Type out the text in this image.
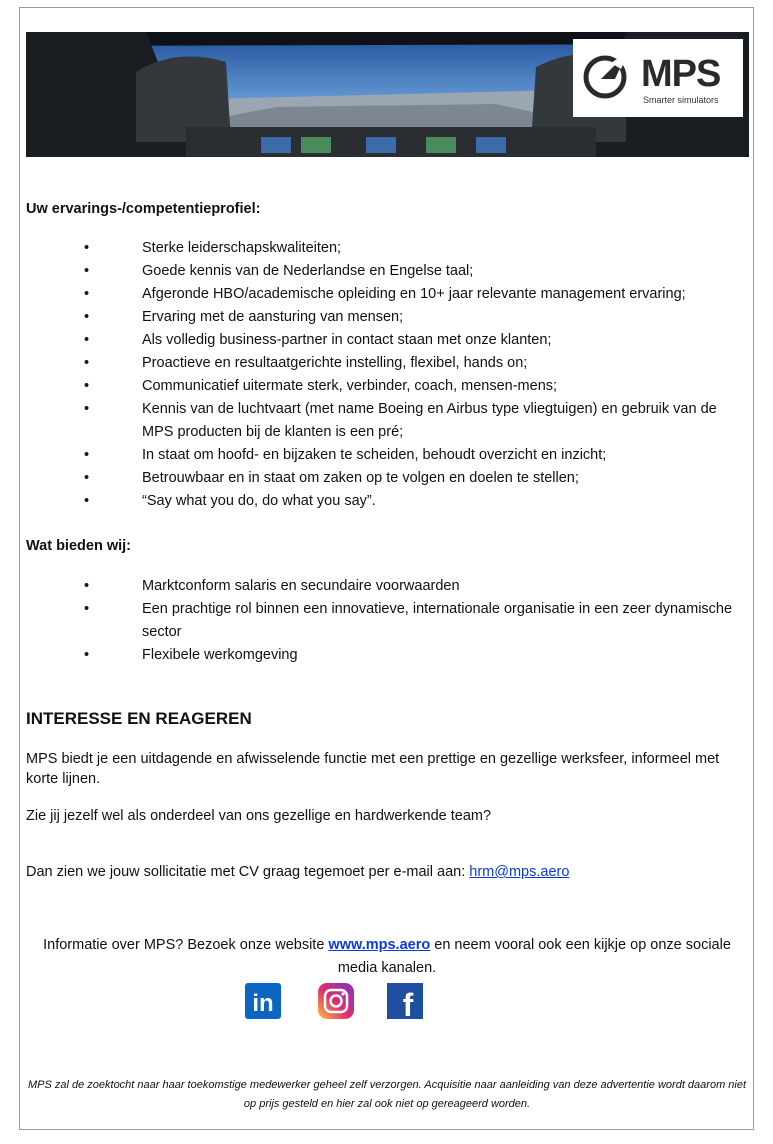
MPS
Smarter simulators
Uw ervarings-/competentieprofiel:
•	Sterke leiderschapskwaliteiten;
•	Goede kennis van de Nederlandse en Engelse taal;
•	Afgeronde HBO/academische opleiding en 10+ jaar relevante management ervaring;
•	Ervaring met de aansturing van mensen;
•	Als volledig business-partner in contact staan met onze klanten;
•	Proactieve en resultaatgerichte instelling, flexibel, hands on;
•	Communicatief uitermate sterk, verbinder, coach, mensen-mens;
•	Kennis van de luchtvaart (met name Boeing en Airbus type vliegtuigen) en gebruik van de MPS producten bij de klanten is een pré;
•	In staat om hoofd- en bijzaken te scheiden, behoudt overzicht en inzicht;
•	Betrouwbaar en in staat om zaken op te volgen en doelen te stellen;
•	“Say what you do, do what you say”.
Wat bieden wij:
•	Marktconform salaris en secundaire voorwaarden
•	Een prachtige rol binnen een innovatieve, internationale organisatie in een zeer dynamische sector
•	Flexibele werkomgeving
INTERESSE EN REAGEREN
MPS biedt je een uitdagende en afwisselende functie met een prettige en gezellige werksfeer, informeel met korte lijnen.
Zie jij jezelf wel als onderdeel van ons gezellige en hardwerkende team?
Dan zien we jouw sollicitatie met CV graag tegemoet per e-mail aan: hrm@mps.aero
Informatie over MPS? Bezoek onze website www.mps.aero en neem vooral ook een kijkje op onze sociale media kanalen.
in	f
MPS zal de zoektocht naar haar toekomstige medewerker geheel zelf verzorgen. Acquisitie naar aanleiding van deze advertentie wordt daarom niet op prijs gesteld en hier zal ook niet op gereageerd worden.
